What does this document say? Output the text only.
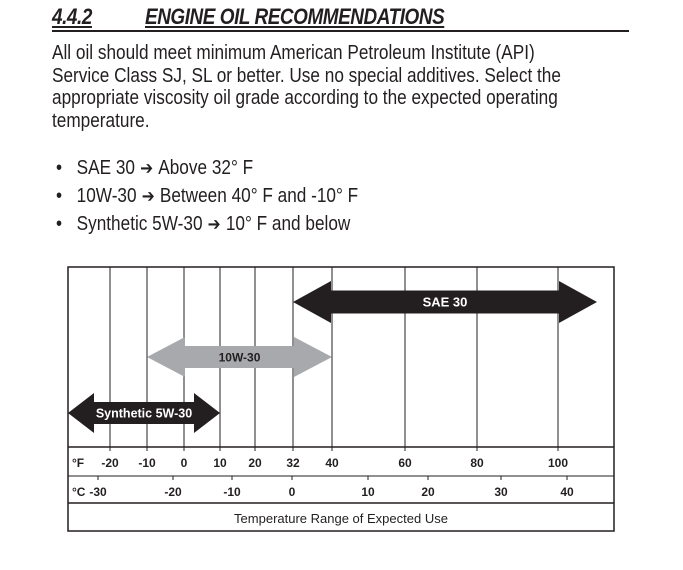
4.4.2 ENGINE OIL RECOMMENDATIONS
All oil should meet minimum American Petroleum Institute (API)
Service Class SJ, SL or better. Use no special additives. Select the
appropriate viscosity oil grade according to the expected operating
temperature.
• SAE 30 ➔ Above 32° F
• 10W-30 ➔ Between 40° F and -10° F
• Synthetic 5W-30 ➔ 10° F and below
SAE 30
10W-30
Synthetic 5W-30
-20 -10 0 10 20 32 40	60	80	100
-30	-20	-10	0	10	20	30	40
°F
°C
Temperature Range of Expected Use
